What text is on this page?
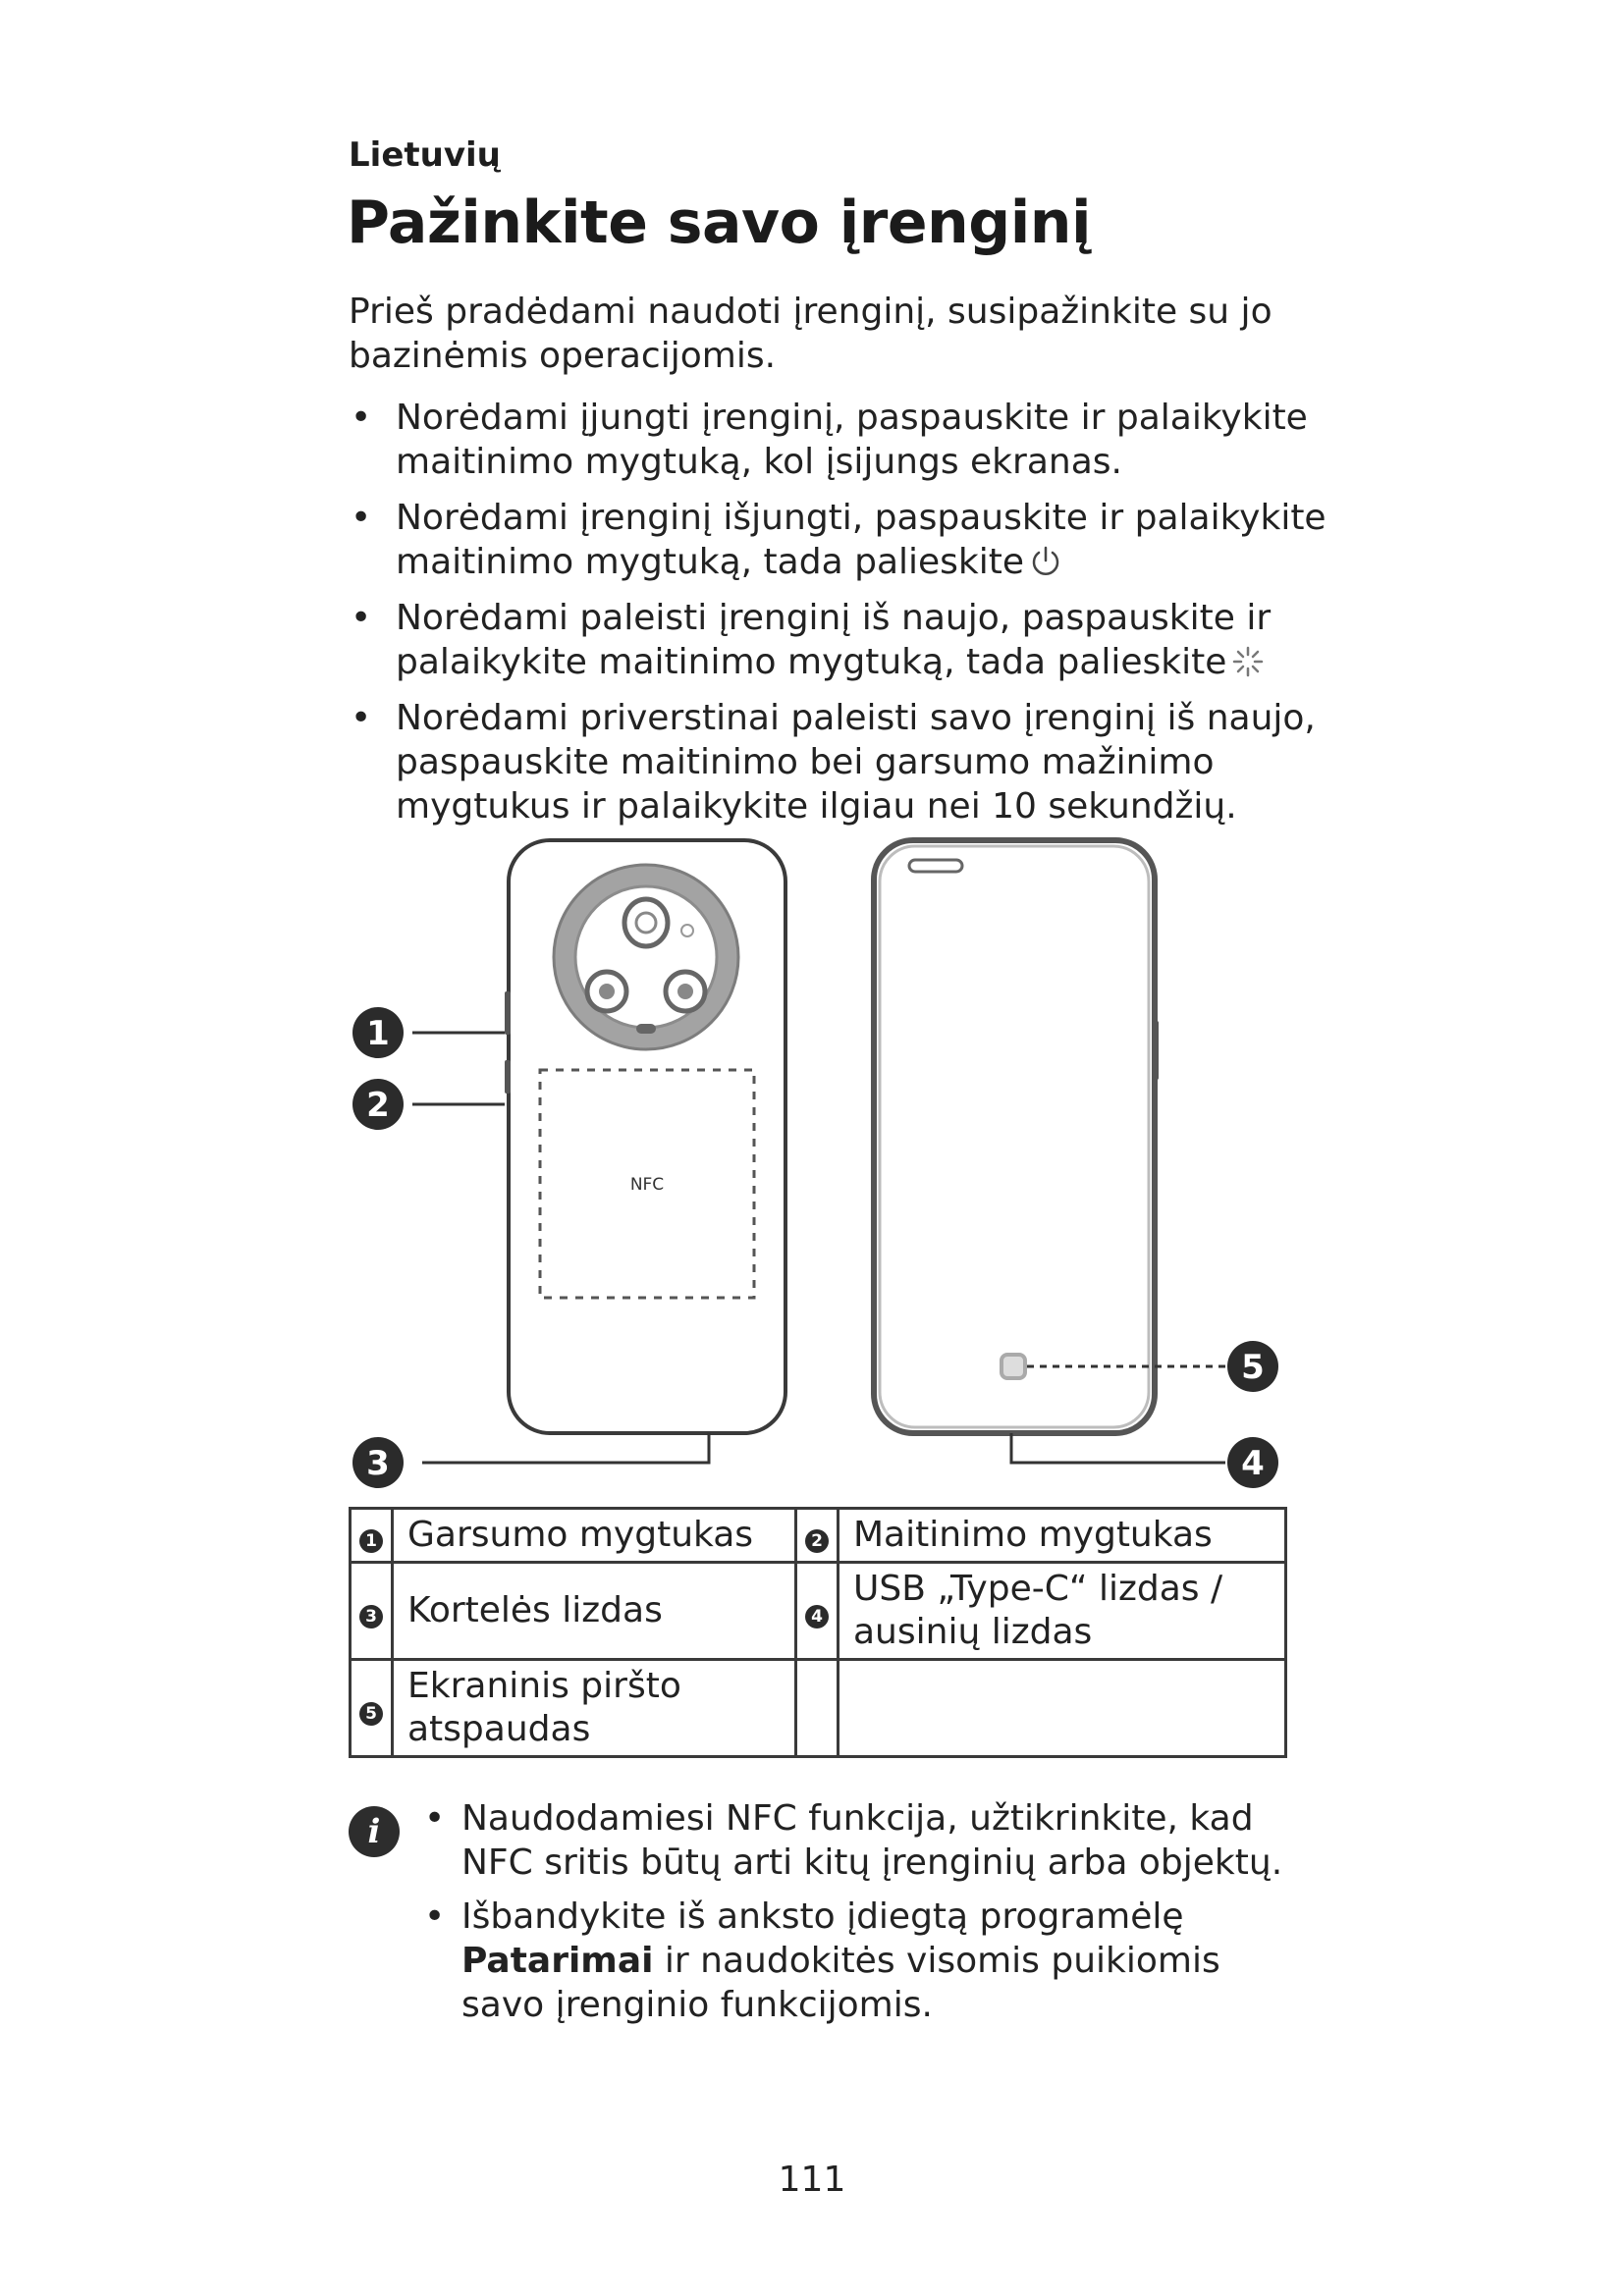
Lietuvių
Pažinkite savo įrenginį
Prieš pradėdami naudoti įrenginį, susipažinkite su jo bazinėmis operacijomis.
• Norėdami įjungti įrenginį, paspauskite ir palaikykite maitinimo mygtuką, kol įsijungs ekranas.
• Norėdami įrenginį išjungti, paspauskite ir palaikykite maitinimo mygtuką, tada palieskite
• Norėdami paleisti įrenginį iš naujo, paspauskite ir palaikykite maitinimo mygtuką, tada palieskite
• Norėdami priverstinai paleisti savo įrenginį iš naujo, paspauskite maitinimo bei garsumo mažinimo mygtukus ir palaikykite ilgiau nei 10 sekundžių.
NFC
1
2
3	4
5
1	Garsumo mygtukas	2	Maitinimo mygtukas
3	Kortelės lizdas	4	USB „Type-C“ lizdas / ausinių lizdas
5	Ekraninis piršto atspaudas		
i	• Naudodamiesi NFC funkcija, užtikrinkite, kad NFC sritis būtų arti kitų įrenginių arba objektų.
• Išbandykite iš anksto įdiegtą programėlę Patarimai ir naudokitės visomis puikiomis savo įrenginio funkcijomis.
111
